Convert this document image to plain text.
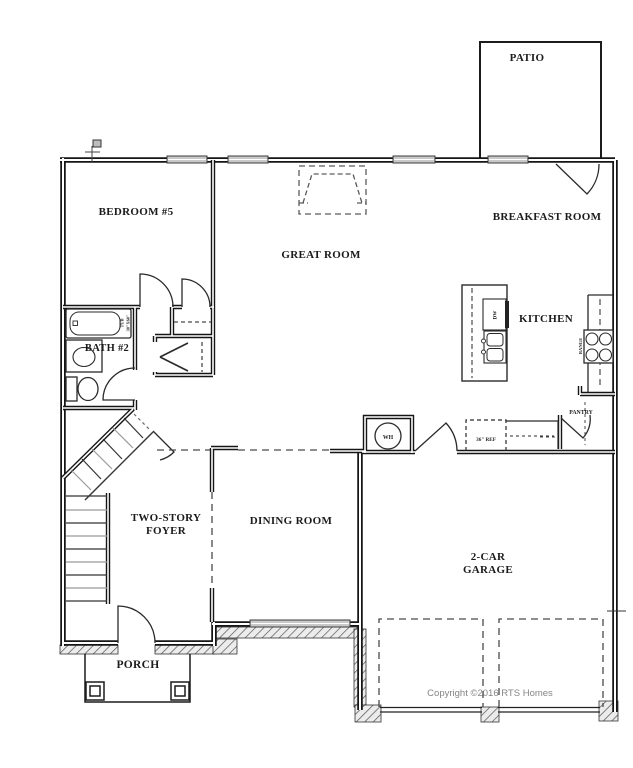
PATIO
BEDROOM #5
GREAT ROOM
BREAKFAST ROOM
KITCHEN
BATH #2
TWO-STORY
FOYER
DINING ROOM
2-CAR
GARAGE
PORCH
PANTRY
WH	36" REF
DW
RANGE
TUB 30"X60"
Copyright ©2016 RTS Homes
